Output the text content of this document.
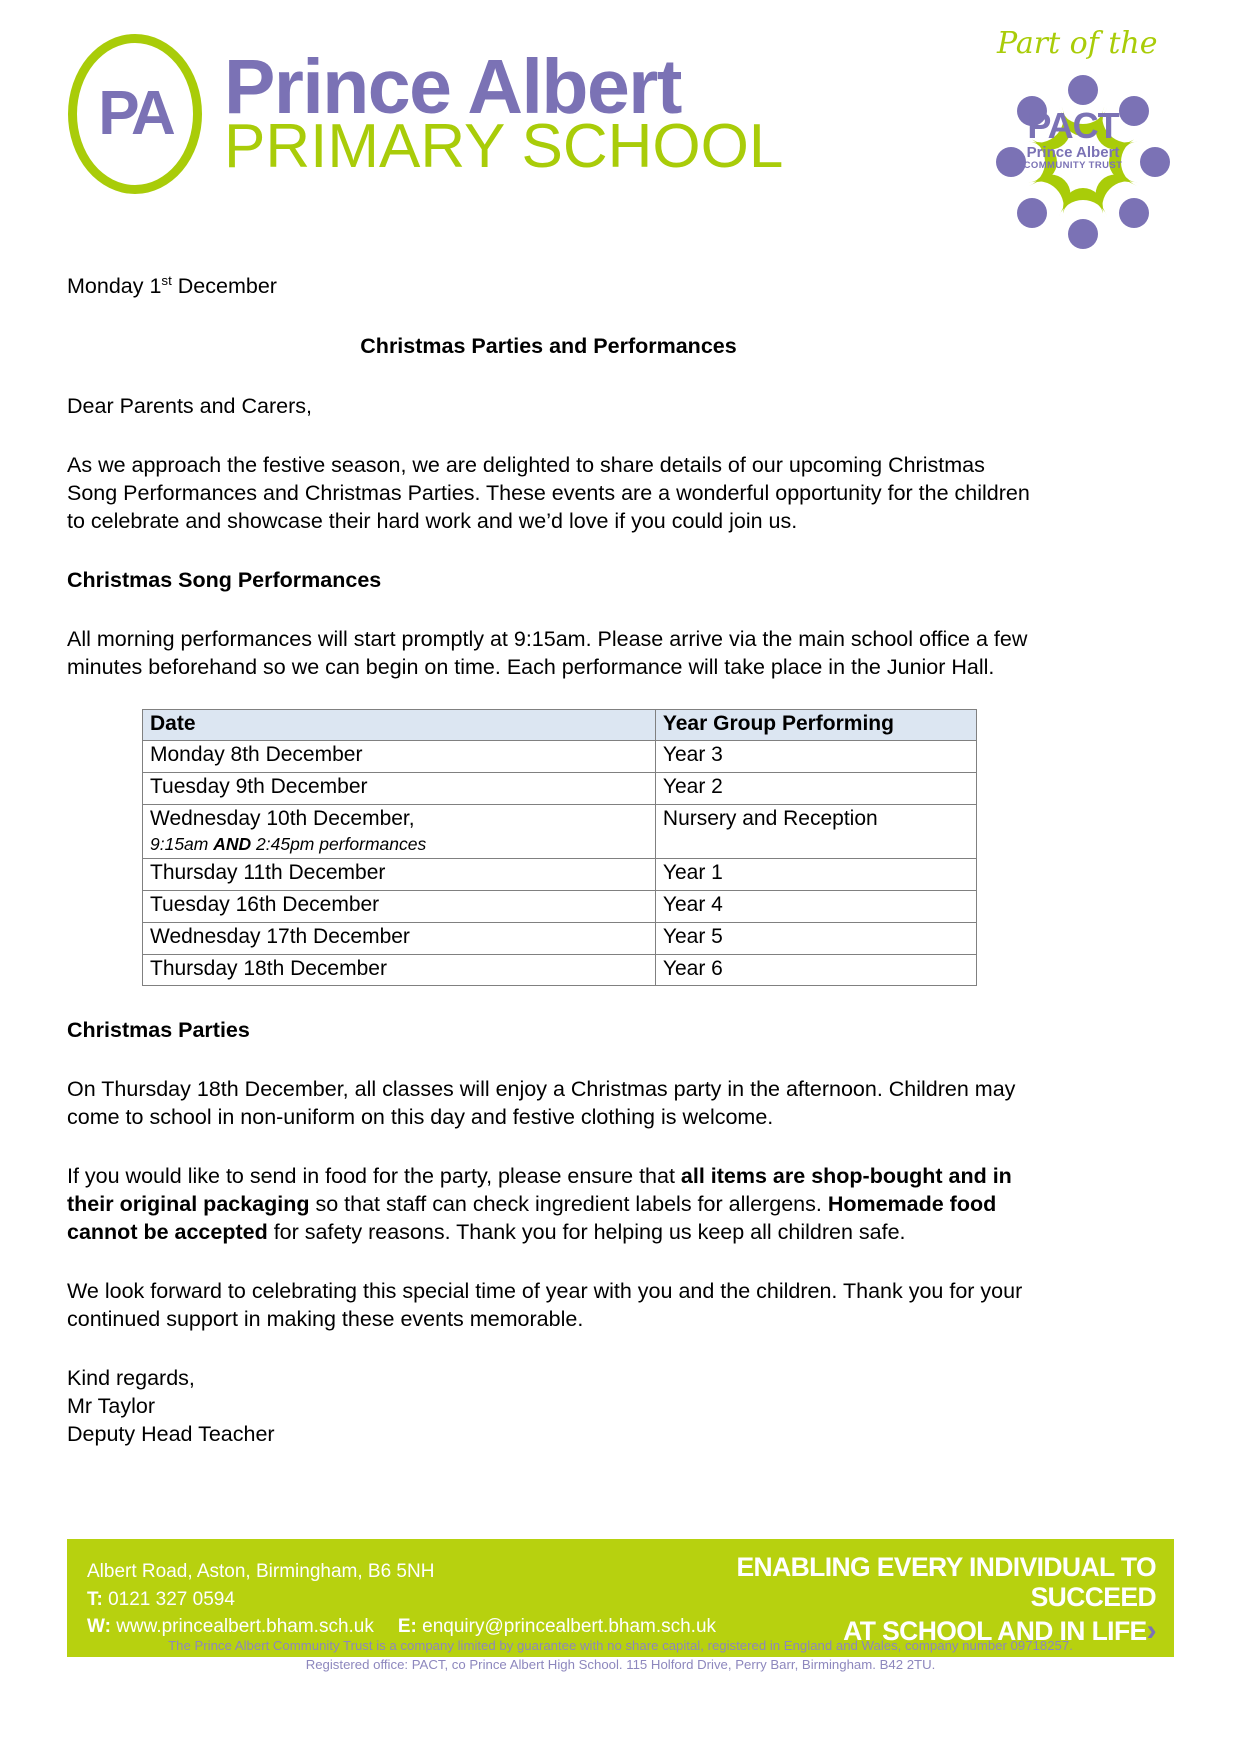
PA Prince Albert
PRIMARY SCHOOL
Part of the
PACT
Prince Albert
COMMUNITY TRUST

Monday 1st December

Christmas Parties and Performances

Dear Parents and Carers,

As we approach the festive season, we are delighted to share details of our upcoming Christmas Song Performances and Christmas Parties. These events are a wonderful opportunity for the children to celebrate and showcase their hard work and we’d love if you could join us.

Christmas Song Performances

All morning performances will start promptly at 9:15am. Please arrive via the main school office a few minutes beforehand so we can begin on time. Each performance will take place in the Junior Hall.

Date	Year Group Performing
Monday 8th December	Year 3
Tuesday 9th December	Year 2
Wednesday 10th December,
9:15am AND 2:45pm performances	Nursery and Reception
Thursday 11th December	Year 1
Tuesday 16th December	Year 4
Wednesday 17th December	Year 5
Thursday 18th December	Year 6
Christmas Parties

On Thursday 18th December, all classes will enjoy a Christmas party in the afternoon. Children may come to school in non-uniform on this day and festive clothing is welcome.

If you would like to send in food for the party, please ensure that all items are shop-bought and in their original packaging so that staff can check ingredient labels for allergens. Homemade food cannot be accepted for safety reasons. Thank you for helping us keep all children safe.

We look forward to celebrating this special time of year with you and the children. Thank you for your continued support in making these events memorable.

Kind regards,
Mr Taylor
Deputy Head Teacher

Albert Road, Aston, Birmingham, B6 5NH
T: 0121 327 0594
W: www.princealbert.bham.sch.uk E: enquiry@princealbert.bham.sch.uk
ENABLING EVERY INDIVIDUAL TO SUCCEED
AT SCHOOL AND IN LIFE›
The Prince Albert Community Trust is a company limited by guarantee with no share capital, registered in England and Wales, company number 09718257.
Registered office: PACT, co Prince Albert High School. 115 Holford Drive, Perry Barr, Birmingham. B42 2TU.
